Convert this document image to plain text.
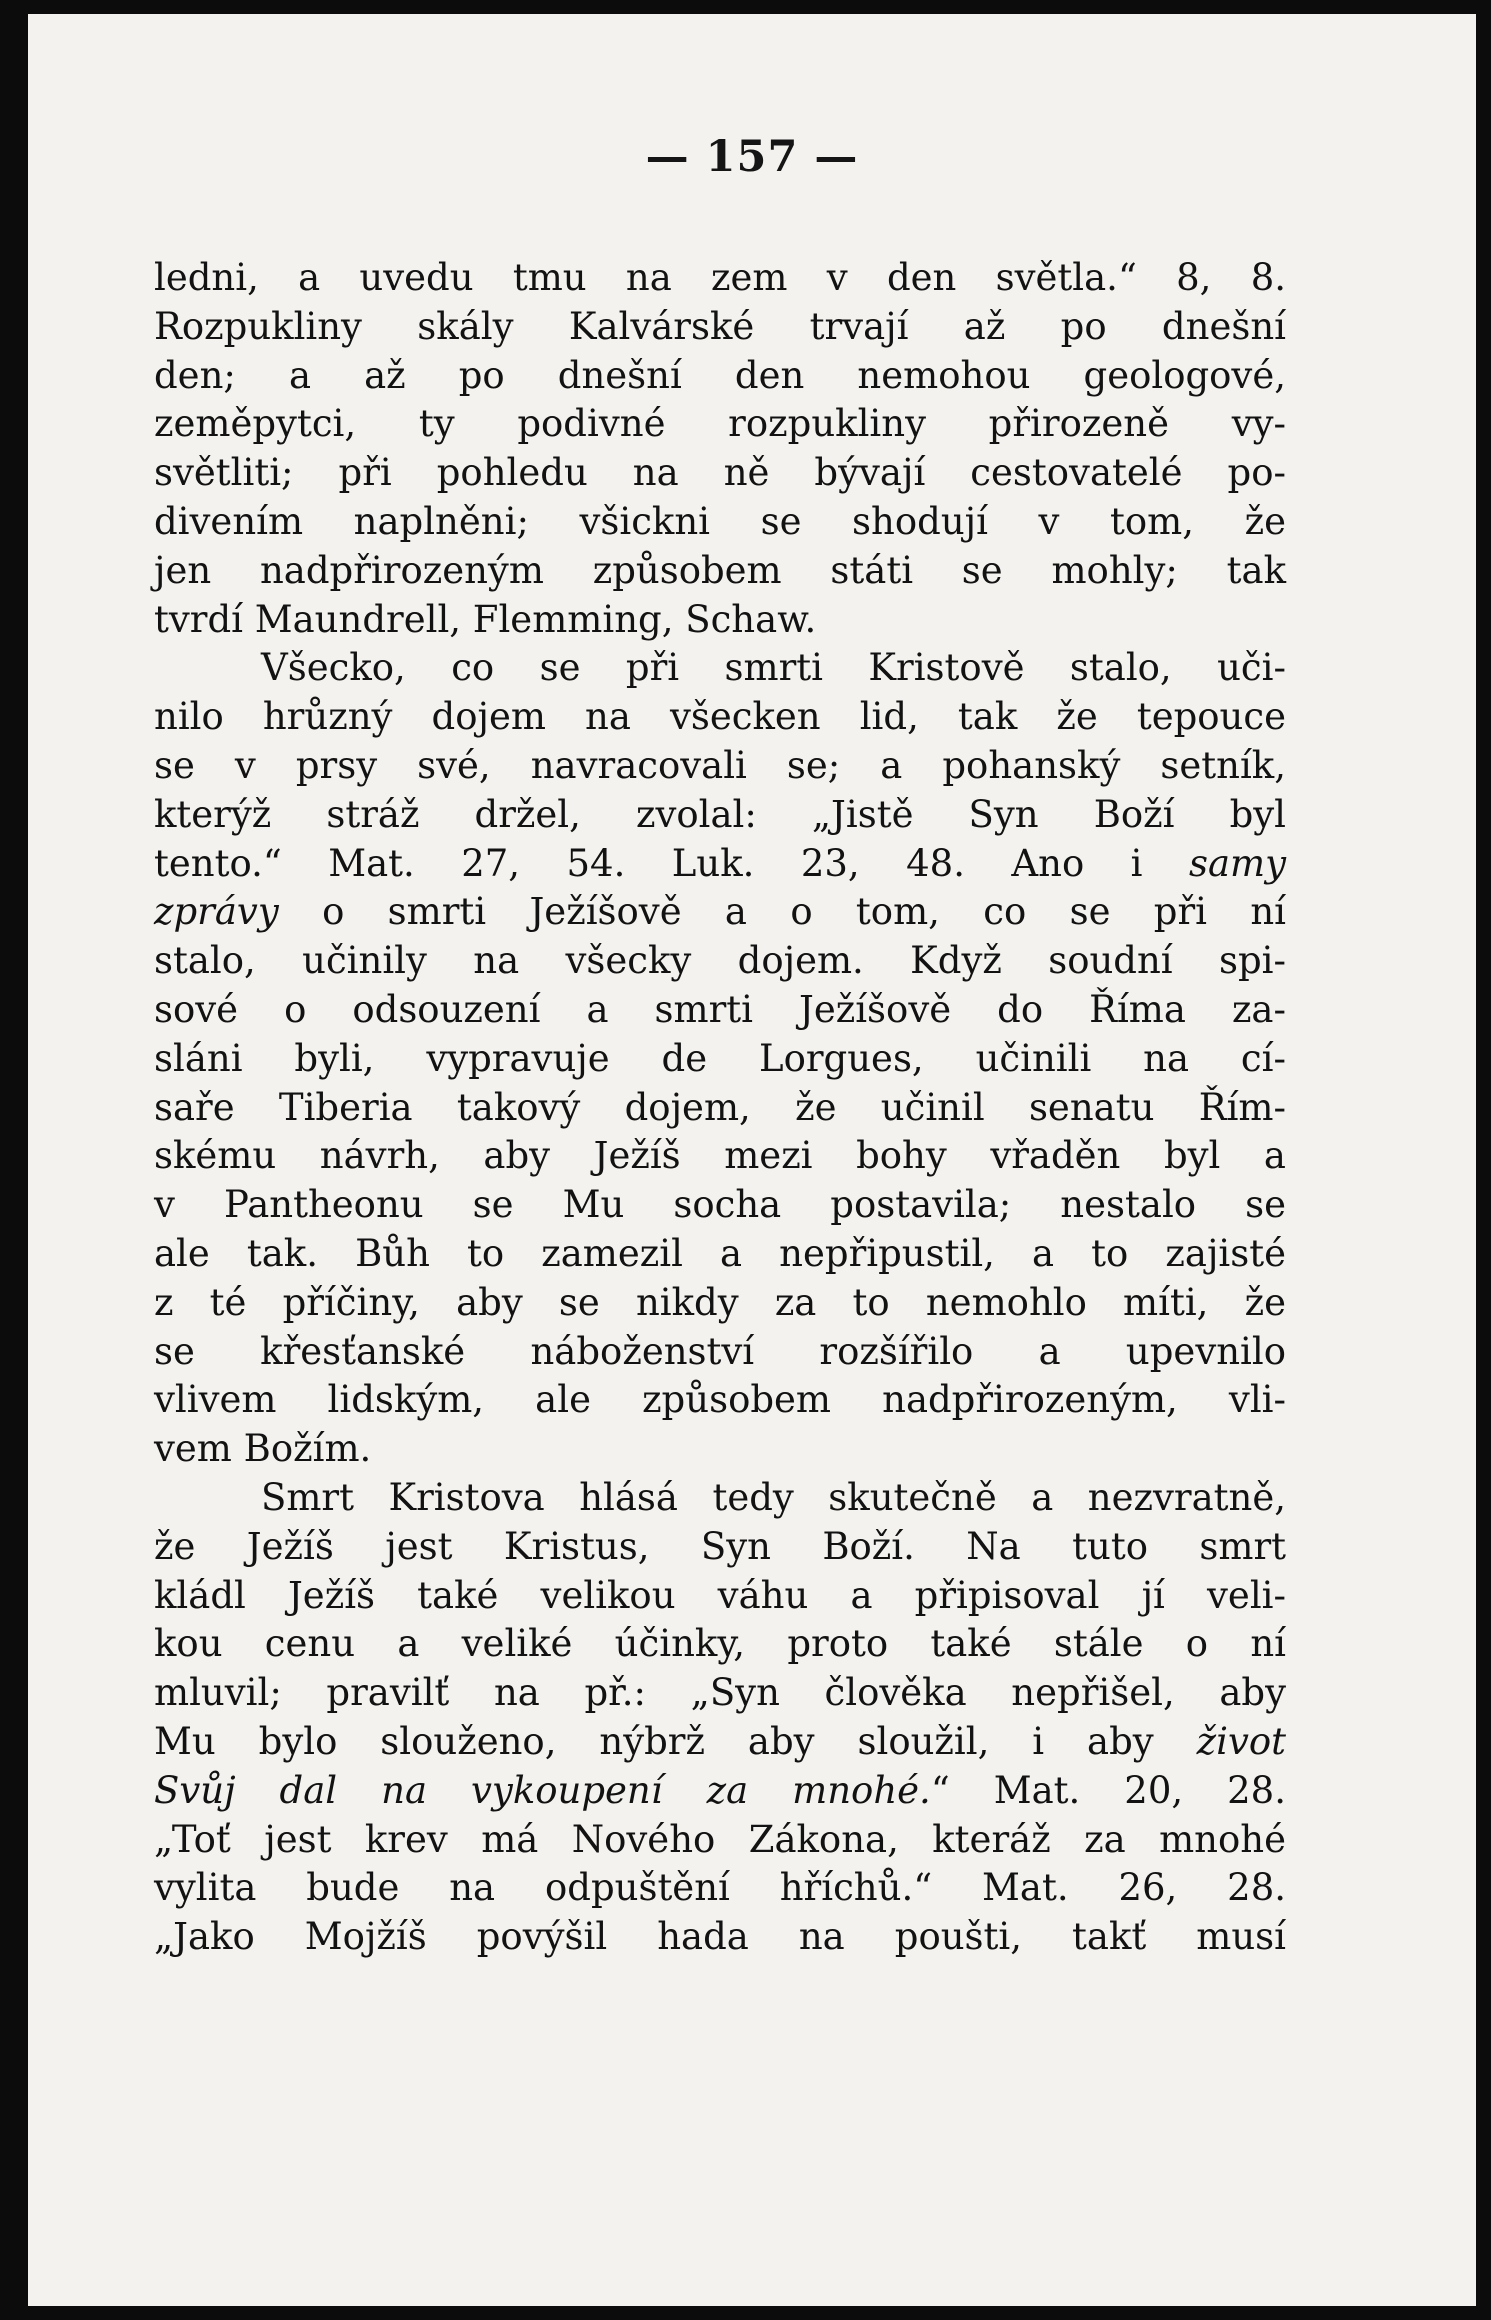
— 157 —
ledni, a uvedu tmu na zem v den světla.“ 8, 8.
Rozpukliny skály Kalvárské trvají až po dnešní
den; a až po dnešní den nemohou geologové,
zeměpytci, ty podivné rozpukliny přirozeně vy-
světliti; při pohledu na ně bývají cestovatelé po-
divením naplněni; všickni se shodují v tom, že
jen nadpřirozeným způsobem státi se mohly; tak
tvrdí Maundrell, Flemming, Schaw.
Všecko, co se při smrti Kristově stalo, uči-
nilo hrůzný dojem na všecken lid, tak že tepouce
se v prsy své, navracovali se; a pohanský setník,
kterýž stráž držel, zvolal: „Jistě Syn Boží byl
tento.“ Mat. 27, 54. Luk. 23, 48. Ano i samy
zprávy o smrti Ježíšově a o tom, co se při ní
stalo, učinily na všecky dojem. Když soudní spi-
sové o odsouzení a smrti Ježíšově do Říma za-
sláni byli, vypravuje de Lorgues, učinili na cí-
saře Tiberia takový dojem, že učinil senatu Řím-
skému návrh, aby Ježíš mezi bohy vřaděn byl a
v Pantheonu se Mu socha postavila; nestalo se
ale tak. Bůh to zamezil a nepřipustil, a to zajisté
z té příčiny, aby se nikdy za to nemohlo míti, že
se křesťanské náboženství rozšířilo a upevnilo
vlivem lidským, ale způsobem nadpřirozeným, vli-
vem Božím.
Smrt Kristova hlásá tedy skutečně a nezvratně,
že Ježíš jest Kristus, Syn Boží. Na tuto smrt
kládl Ježíš také velikou váhu a připisoval jí veli-
kou cenu a veliké účinky, proto také stále o ní
mluvil; pravilť na př.: „Syn člověka nepřišel, aby
Mu bylo slouženo, nýbrž aby sloužil, i aby život
Svůj dal na vykoupení za mnohé.“ Mat. 20, 28.
„Toť jest krev má Nového Zákona, kteráž za mnohé
vylita bude na odpuštění hříchů.“ Mat. 26, 28.
„Jako Mojžíš povýšil hada na poušti, takť musí
